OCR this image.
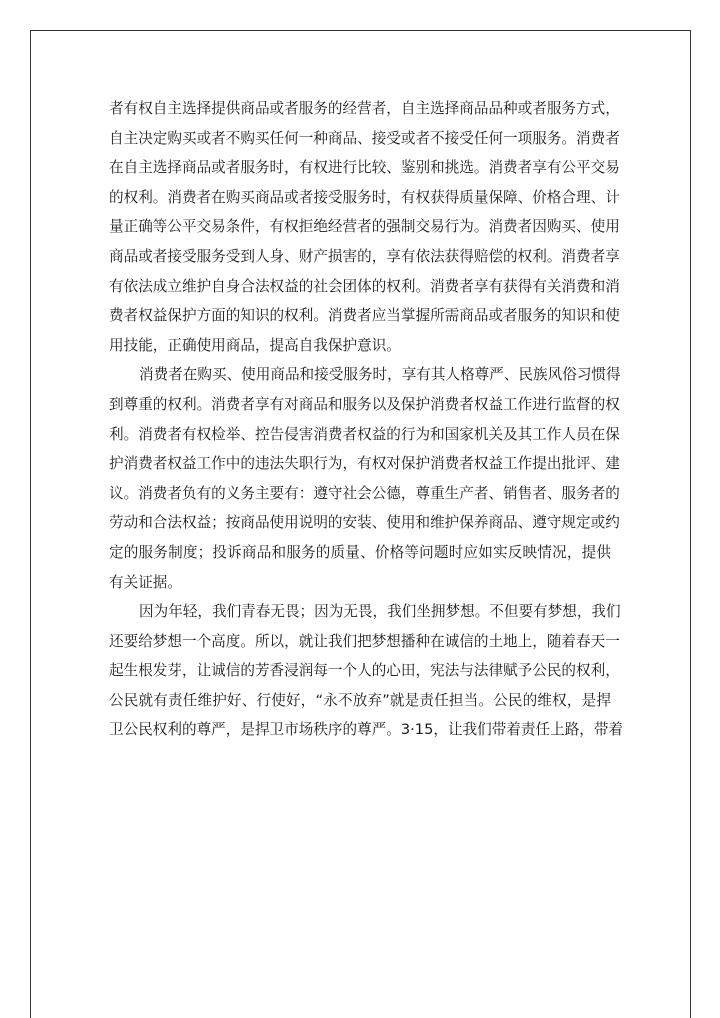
者有权自主选择提供商品或者服务的经营者，自主选择商品品种或者服务方式，
自主决定购买或者不购买任何一种商品、接受或者不接受任何一项服务。消费者
在自主选择商品或者服务时，有权进行比较、鉴别和挑选。消费者享有公平交易
的权利。消费者在购买商品或者接受服务时，有权获得质量保障、价格合理、计
量正确等公平交易条件，有权拒绝经营者的强制交易行为。消费者因购买、使用
商品或者接受服务受到人身、财产损害的，享有依法获得赔偿的权利。消费者享
有依法成立维护自身合法权益的社会团体的权利。消费者享有获得有关消费和消
费者权益保护方面的知识的权利。消费者应当掌握所需商品或者服务的知识和使
用技能，正确使用商品，提高自我保护意识。
消费者在购买、使用商品和接受服务时，享有其人格尊严、民族风俗习惯得
到尊重的权利。消费者享有对商品和服务以及保护消费者权益工作进行监督的权
利。消费者有权检举、控告侵害消费者权益的行为和国家机关及其工作人员在保
护消费者权益工作中的违法失职行为，有权对保护消费者权益工作提出批评、建
议。消费者负有的义务主要有：遵守社会公德，尊重生产者、销售者、服务者的
劳动和合法权益；按商品使用说明的安装、使用和维护保养商品、遵守规定或约
定的服务制度；投诉商品和服务的质量、价格等问题时应如实反映情况，提供
有关证据。
因为年轻，我们青春无畏；因为无畏，我们坐拥梦想。不但要有梦想，我们
还要给梦想一个高度。所以，就让我们把梦想播种在诚信的土地上，随着春天一
起生根发芽，让诚信的芳香浸润每一个人的心田，宪法与法律赋予公民的权利，
公民就有责任维护好、行使好，“永不放弃”就是责任担当。公民的维权，是捍
卫公民权利的尊严，是捍卫市场秩序的尊严。3·15，让我们带着责任上路，带着
